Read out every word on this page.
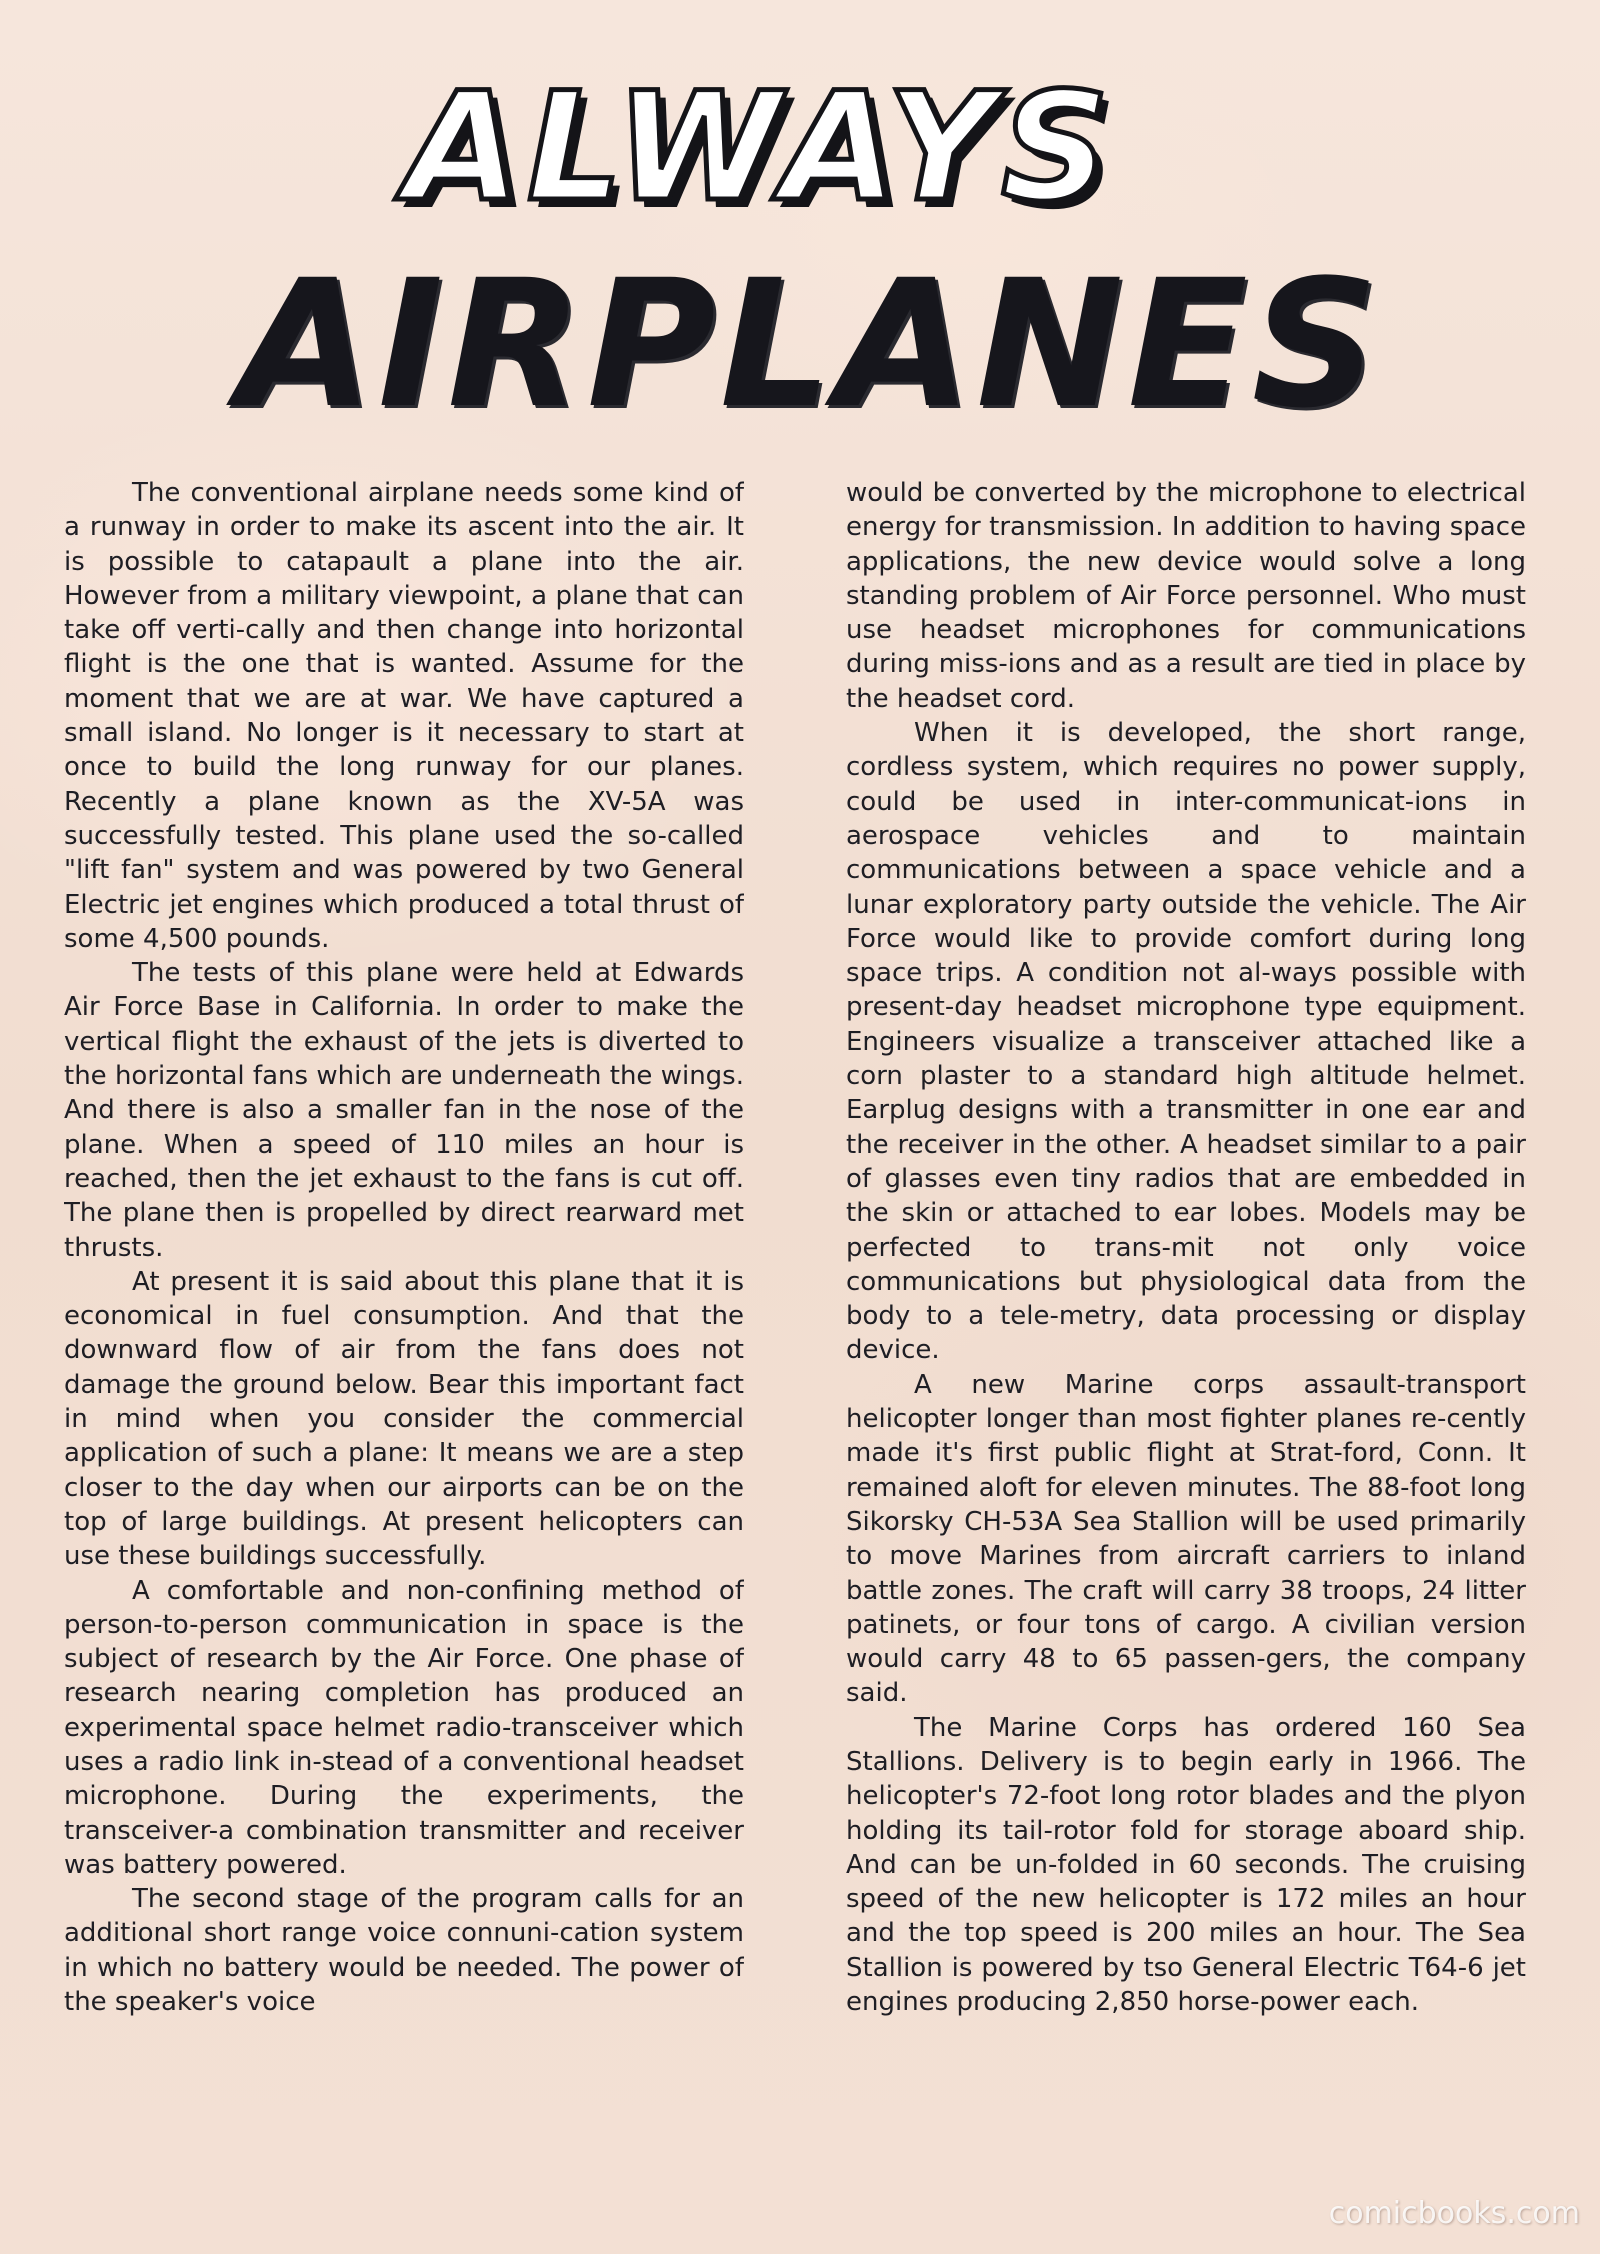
ALWAYS
AIRPLANES

The conventional airplane needs some kind of a runway in order to make its ascent into the air. It is possible to catapault a plane into the air. However from a military viewpoint, a plane that can take off verti-cally and then change into horizontal flight is the one that is wanted. Assume for the moment that we are at war. We have captured a small island. No longer is it necessary to start at once to build the long runway for our planes. Recently a plane known as the XV-5A was successfully tested. This plane used the so-called "lift fan" system and was powered by two General Electric jet engines which produced a total thrust of some 4,500 pounds.

The tests of this plane were held at Edwards Air Force Base in California. In order to make the vertical flight the exhaust of the jets is diverted to the horizontal fans which are underneath the wings. And there is also a smaller fan in the nose of the plane. When a speed of 110 miles an hour is reached, then the jet exhaust to the fans is cut off. The plane then is propelled by direct rearward met thrusts.

At present it is said about this plane that it is economical in fuel consumption. And that the downward flow of air from the fans does not damage the ground below. Bear this important fact in mind when you consider the commercial application of such a plane: It means we are a step closer to the day when our airports can be on the top of large buildings. At present helicopters can use these buildings successfully.

A comfortable and non-confining method of person-to-person communication in space is the subject of research by the Air Force. One phase of research nearing completion has produced an experimental space helmet radio-transceiver which uses a radio link in-stead of a conventional headset microphone. During the experiments, the transceiver-a combination transmitter and receiver was battery powered.

The second stage of the program calls for an additional short range voice connuni-cation system in which no battery would be needed. The power of the speaker's voice

would be converted by the microphone to electrical energy for transmission. In addition to having space applications, the new device would solve a long standing problem of Air Force personnel. Who must use headset microphones for communications during miss-ions and as a result are tied in place by the headset cord.

When it is developed, the short range, cordless system, which requires no power supply, could be used in inter-communicat-ions in aerospace vehicles and to maintain communications between a space vehicle and a lunar exploratory party outside the vehicle. The Air Force would like to provide comfort during long space trips. A condition not al-ways possible with present-day headset microphone type equipment. Engineers visualize a transceiver attached like a corn plaster to a standard high altitude helmet. Earplug designs with a transmitter in one ear and the receiver in the other. A headset similar to a pair of glasses even tiny radios that are embedded in the skin or attached to ear lobes. Models may be perfected to trans-mit not only voice communications but physiological data from the body to a tele-metry, data processing or display device.

A new Marine corps assault-transport helicopter longer than most fighter planes re-cently made it's first public flight at Strat-ford, Conn. It remained aloft for eleven minutes. The 88-foot long Sikorsky CH-53A Sea Stallion will be used primarily to move Marines from aircraft carriers to inland battle zones. The craft will carry 38 troops, 24 litter patinets, or four tons of cargo. A civilian version would carry 48 to 65 passen-gers, the company said.

The Marine Corps has ordered 160 Sea Stallions. Delivery is to begin early in 1966. The helicopter's 72-foot long rotor blades and the plyon holding its tail-rotor fold for storage aboard ship. And can be un-folded in 60 seconds. The cruising speed of the new helicopter is 172 miles an hour and the top speed is 200 miles an hour. The Sea Stallion is powered by tso General Electric T64-6 jet engines producing 2,850 horse-power each.

comicbooks.com
